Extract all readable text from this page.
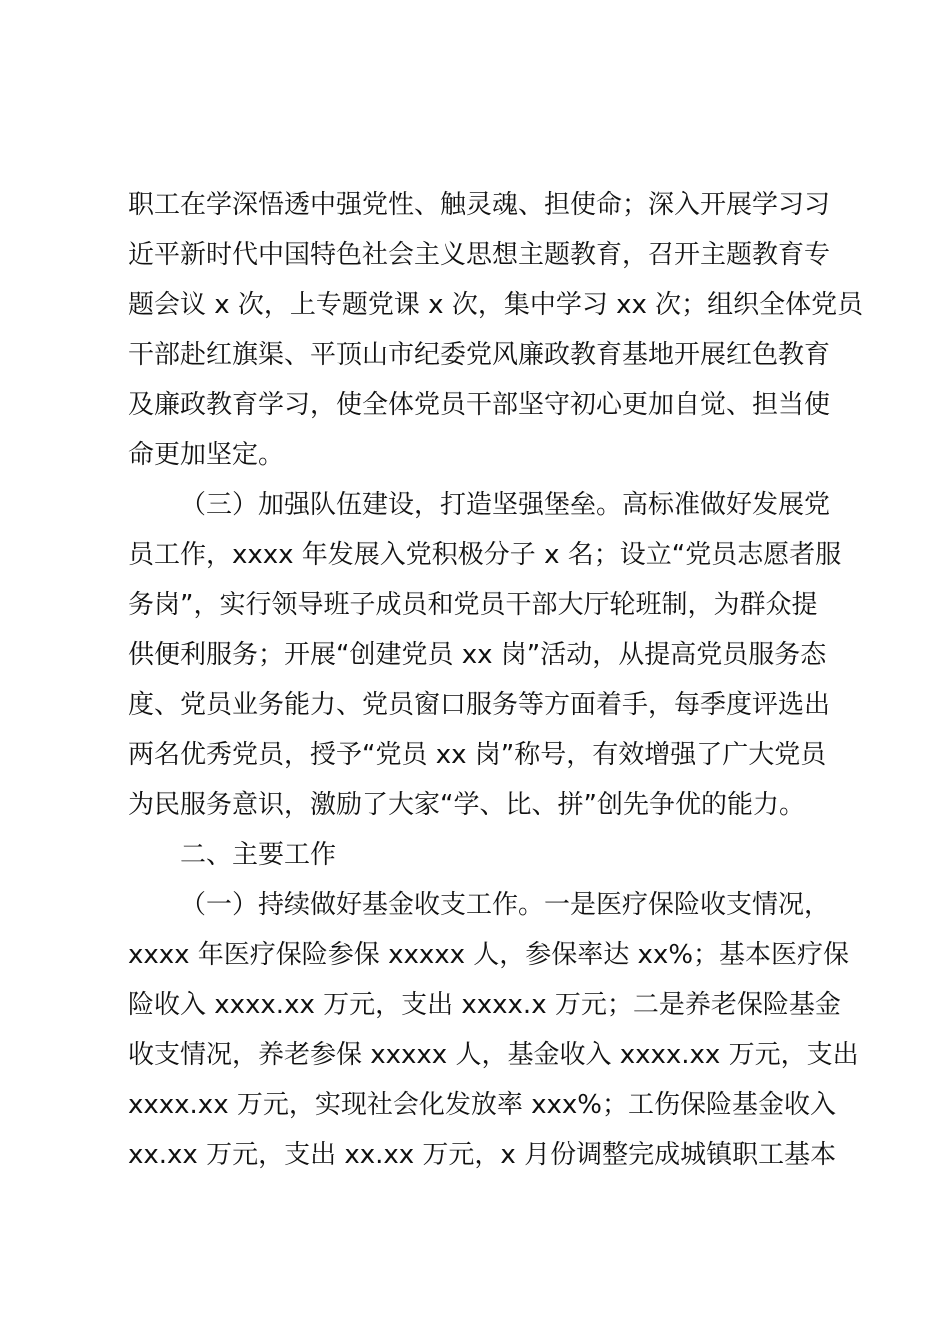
职工在学深悟透中强党性、触灵魂、担使命；深入开展学习习
近平新时代中国特色社会主义思想主题教育，召开主题教育专
题会议 x 次，上专题党课 x 次，集中学习 xx 次；组织全体党员
干部赴红旗渠、平顶山市纪委党风廉政教育基地开展红色教育
及廉政教育学习，使全体党员干部坚守初心更加自觉、担当使
命更加坚定。
（三）加强队伍建设，打造坚强堡垒。高标准做好发展党
员工作，xxxx 年发展入党积极分子 x 名；设立“党员志愿者服
务岗”，实行领导班子成员和党员干部大厅轮班制，为群众提
供便利服务；开展“创建党员 xx 岗”活动，从提高党员服务态
度、党员业务能力、党员窗口服务等方面着手，每季度评选出
两名优秀党员，授予“党员 xx 岗”称号，有效增强了广大党员
为民服务意识，激励了大家“学、比、拼”创先争优的能力。
二、主要工作
（一）持续做好基金收支工作。一是医疗保险收支情况，
xxxx 年医疗保险参保 xxxxx 人，参保率达 xx%；基本医疗保
险收入 xxxx.xx 万元，支出 xxxx.x 万元；二是养老保险基金
收支情况，养老参保 xxxxx 人，基金收入 xxxx.xx 万元，支出
xxxx.xx 万元，实现社会化发放率 xxx%；工伤保险基金收入
xx.xx 万元，支出 xx.xx 万元，x 月份调整完成城镇职工基本
